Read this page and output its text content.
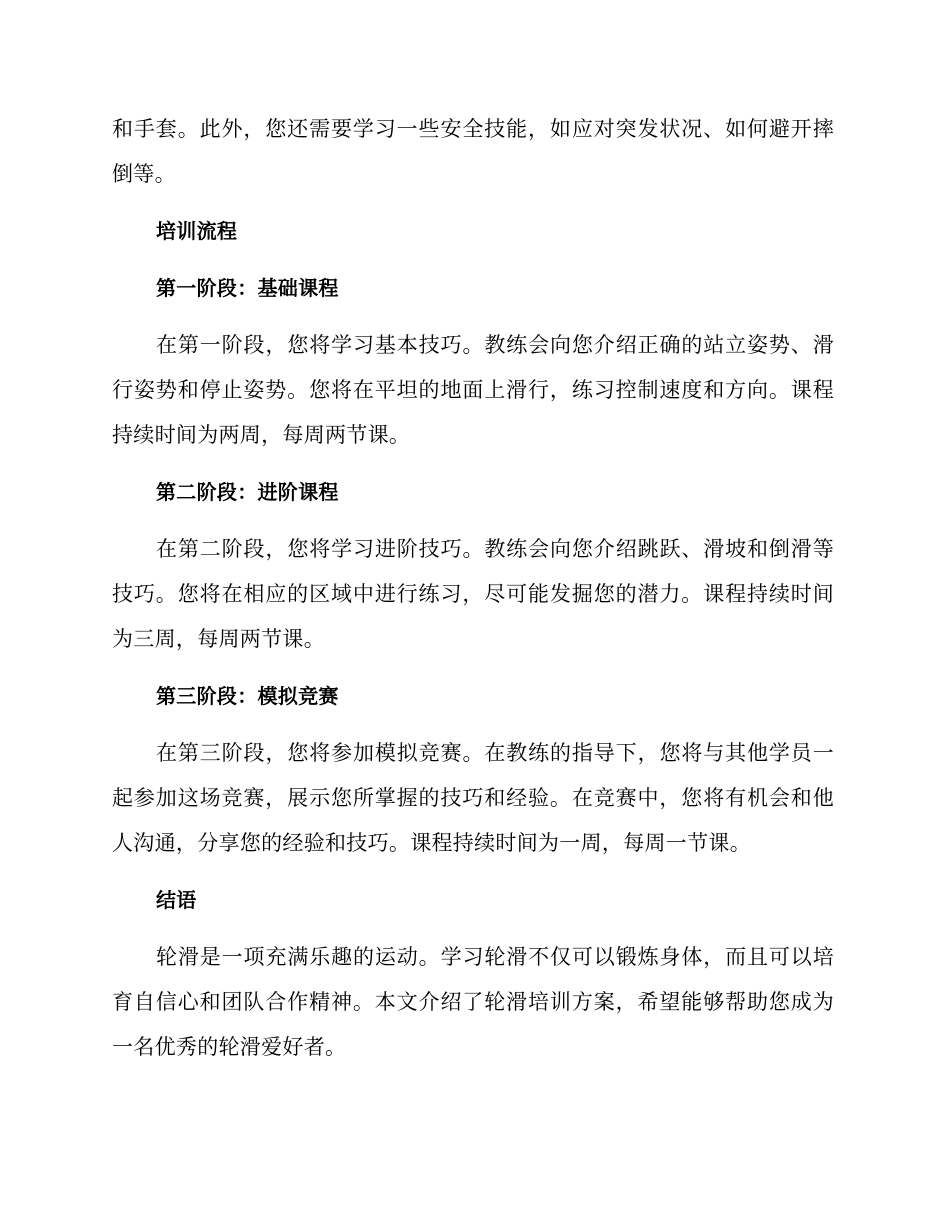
和手套。此外，您还需要学习一些安全技能，如应对突发状况、如何避开摔倒等。

培训流程
第一阶段：基础课程

在第一阶段，您将学习基本技巧。教练会向您介绍正确的站立姿势、滑行姿势和停止姿势。您将在平坦的地面上滑行，练习控制速度和方向。课程持续时间为两周，每周两节课。

第二阶段：进阶课程

在第二阶段，您将学习进阶技巧。教练会向您介绍跳跃、滑坡和倒滑等技巧。您将在相应的区域中进行练习，尽可能发掘您的潜力。课程持续时间为三周，每周两节课。

第三阶段：模拟竞赛

在第三阶段，您将参加模拟竞赛。在教练的指导下，您将与其他学员一起参加这场竞赛，展示您所掌握的技巧和经验。在竞赛中，您将有机会和他人沟通，分享您的经验和技巧。课程持续时间为一周，每周一节课。

结语

轮滑是一项充满乐趣的运动。学习轮滑不仅可以锻炼身体，而且可以培育自信心和团队合作精神。本文介绍了轮滑培训方案，希望能够帮助您成为一名优秀的轮滑爱好者。
